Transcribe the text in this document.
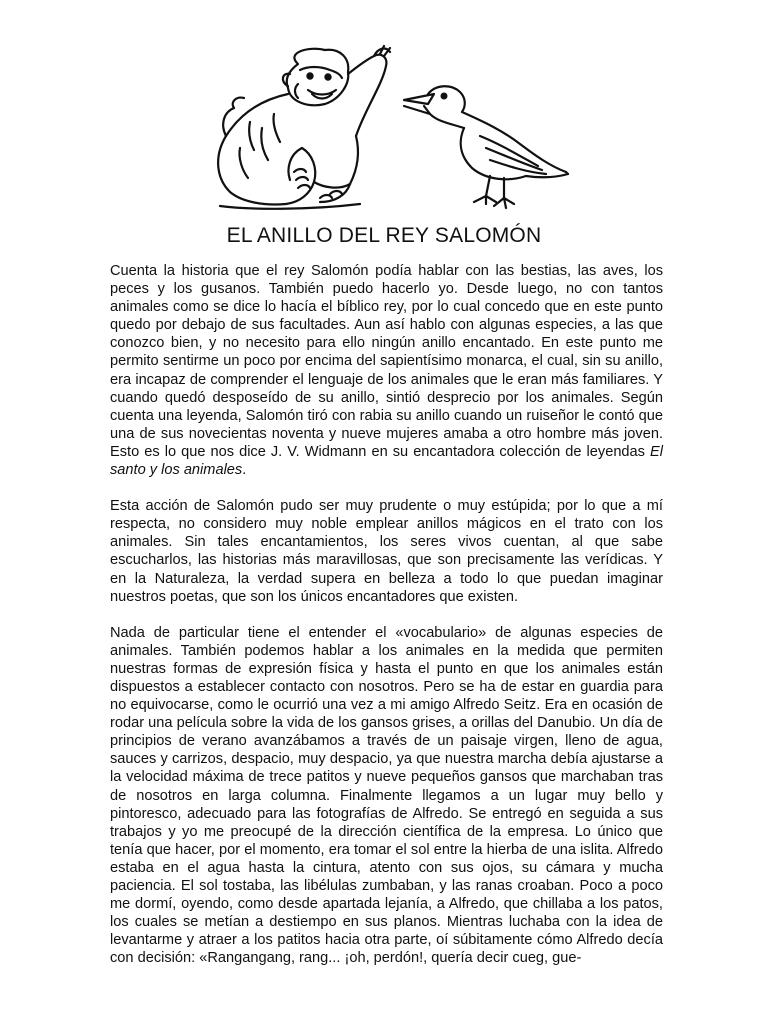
EL ANILLO DEL REY SALOMÓN

Cuenta la historia que el rey Salomón podía hablar con las bestias, las aves, los peces y los gusanos. También puedo hacerlo yo. Desde luego, no con tantos animales como se dice lo hacía el bíblico rey, por lo cual concedo que en este punto quedo por debajo de sus facultades. Aun así hablo con algunas especies, a las que conozco bien, y no necesito para ello ningún anillo encantado. En este punto me permito sentirme un poco por encima del sapientísimo monarca, el cual, sin su anillo, era incapaz de comprender el lenguaje de los animales que le eran más familiares. Y cuando quedó desposeído de su anillo, sintió desprecio por los animales. Según cuenta una leyenda, Salomón tiró con rabia su anillo cuando un ruiseñor le contó que una de sus novecientas noventa y nueve mujeres amaba a otro hombre más joven. Esto es lo que nos dice J. V. Widmann en su encantadora colección de leyendas El santo y los animales.

Esta acción de Salomón pudo ser muy prudente o muy estúpida; por lo que a mí respecta, no considero muy noble emplear anillos mágicos en el trato con los animales. Sin tales encantamientos, los seres vivos cuentan, al que sabe escucharlos, las historias más maravillosas, que son precisamente las verídicas. Y en la Naturaleza, la verdad supera en belleza a todo lo que puedan imaginar nuestros poetas, que son los únicos encantadores que existen.

Nada de particular tiene el entender el «vocabulario» de algunas especies de animales. También podemos hablar a los animales en la medida que permiten nuestras formas de expresión física y hasta el punto en que los animales están dispuestos a establecer contacto con nosotros. Pero se ha de estar en guardia para no equivocarse, como le ocurrió una vez a mi amigo Alfredo Seitz. Era en ocasión de rodar una película sobre la vida de los gansos grises, a orillas del Danubio. Un día de principios de verano avanzábamos a través de un paisaje virgen, lleno de agua, sauces y carrizos, despacio, muy despacio, ya que nuestra marcha debía ajustarse a la velocidad máxima de trece patitos y nueve pequeños gansos que marchaban tras de nosotros en larga columna. Finalmente llegamos a un lugar muy bello y pintoresco, adecuado para las fotografías de Alfredo. Se entregó en seguida a sus trabajos y yo me preocupé de la dirección científica de la empresa. Lo único que tenía que hacer, por el momento, era tomar el sol entre la hierba de una islita. Alfredo estaba en el agua hasta la cintura, atento con sus ojos, su cámara y mucha paciencia. El sol tostaba, las libélulas zumbaban, y las ranas croaban. Poco a poco me dormí, oyendo, como desde apartada lejanía, a Alfredo, que chillaba a los patos, los cuales se metían a destiempo en sus planos. Mientras luchaba con la idea de levantarme y atraer a los patitos hacia otra parte, oí súbitamente cómo Alfredo decía con decisión: «Rangangang, rang... ¡oh, perdón!, quería decir cueg, gue-
